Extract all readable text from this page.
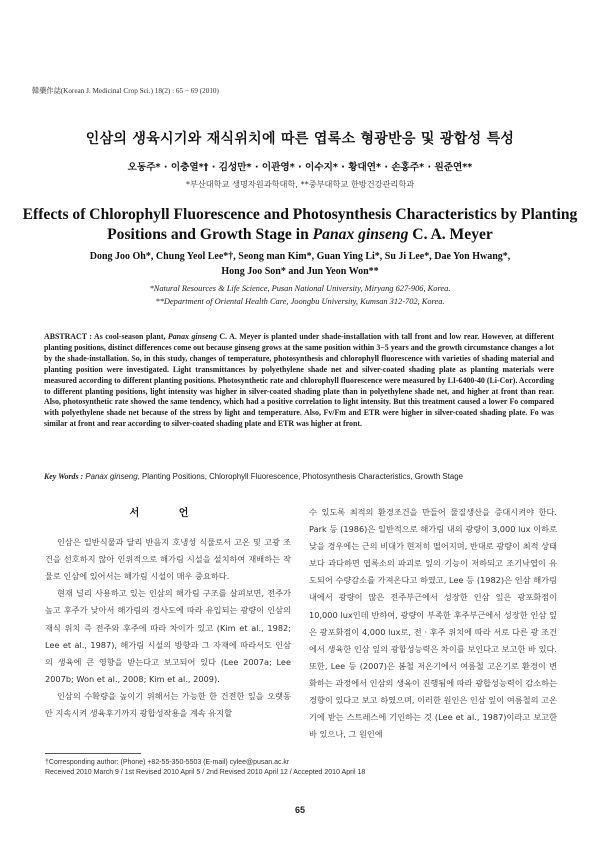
韓藥作誌(Korean J. Medicinal Crop Sci.) 18(2) : 65 − 69 (2010)
인삼의 생육시기와 재식위치에 따른 엽록소 형광반응 및 광합성 특성
오동주* · 이충열*† · 김성만* · 이관영* · 이수지* · 황대연* · 손홍주* · 원준연**
*부산대학교 생명자원과학대학, **중부대학교 한방건강관리학과
Effects of Chlorophyll Fluorescence and Photosynthesis Characteristics by Planting
Positions and Growth Stage in Panax ginseng C. A. Meyer
Dong Joo Oh*, Chung Yeol Lee*†, Seong man Kim*, Guan Ying Li*, Su Ji Lee*, Dae Yon Hwang*,
Hong Joo Son* and Jun Yeon Won**
*Natural Resources & Life Science, Pusan National University, Miryang 627-906, Korea.
**Department of Oriental Health Care, Joongbu University, Kumsan 312-702, Korea.
ABSTRACT : As cool-season plant, Panax ginseng C. A. Meyer is planted under shade-installation with tall front and low rear. However, at different planting positions, distinct differences come out because ginseng grows at the same position within 3−5 years and the growth circumstance changes a lot by the shade-installation. So, in this study, changes of temperature, photosynthesis and chlorophyll fluorescence with varieties of shading material and planting position were investigated. Light transmittances by polyethylene shade net and silver-coated shading plate as planting materials were measured according to different planting positions. Photosynthetic rate and chlorophyll fluorescence were measured by LI-6400-40 (Li-Cor). According to different planting positions, light intensity was higher in silver-coated shading plate than in polyethylene shade net, and higher at front than rear. Also, photosynthetic rate showed the same tendency, which had a positive correlation to light intensity. But this treatment caused a lower Fo compared with polyethylene shade net because of the stress by light and temperature. Also, Fv/Fm and ETR were higher in silver-coated shading plate. Fo was similar at front and rear according to silver-coated shading plate and ETR was higher at front.
Key Words : Panax ginseng, Planting Positions, Chlorophyll Fluorescence, Photosynthesis Characteristics, Growth Stage
서 언

인삼은 일반식물과 달리 반음지 호냉성 식물로서 고온 및 고광 조건을 선호하지 않아 인위적으로 해가림 시설을 설치하여 재배하는 작물로 인삼에 있어서는 해가림 시설이 매우 중요하다.

현재 널리 사용하고 있는 인삼의 해가림 구조를 살펴보면, 전주가 높고 후주가 낮아서 해가림의 경사도에 따라 유입되는 광량이 인삼의 재식 위치 즉 전주와 후주에 따라 차이가 있고 (Kim et al., 1982; Lee et al., 1987), 해가림 시설의 방향과 그 자재에 따라서도 인삼의 생육에 큰 영향을 받는다고 보고되어 있다 (Lee 2007a; Lee 2007b; Won et al., 2008; Kim et al., 2009).

인삼의 수확량을 높이기 위해서는 가능한 한 건전한 잎을 오랫동안 지속시켜 생육후기까지 광합성작용을 계속 유지할

수 있도록 최적의 환경조건을 만들어 물질생산을 증대시켜야 한다. Park 등 (1986)은 일반적으로 해가림 내의 광량이 3,000 lux 이하로 낮을 경우에는 근의 비대가 현저히 떨어지며, 반대로 광량이 최적 상태보다 과다하면 엽록소의 파괴로 잎의 기능이 저하되고 조기낙엽이 유도되어 수량감소를 가져온다고 하였고, Lee 등 (1982)은 인삼 해가림 내에서 광량이 많은 전주부근에서 성장한 인삼 잎은 광포화점이 10,000 lux인데 반하여, 광량이 부족한 후주부근에서 성장한 인삼 잎은 광포화점이 4,000 lux로, 전 · 후주 위치에 따라 서로 다른 광 조건에서 생육한 인삼 잎의 광합성능력은 차이를 보인다고 보고한 바 있다. 또한, Lee 등 (2007)은 봄철 저온기에서 여름철 고온기로 환경이 변화하는 과정에서 인삼의 생육이 진행됨에 따라 광합성능력이 감소하는 경향이 있다고 보고 하였으며, 이러한 원인은 인삼 잎이 여름철의 고온기에 받는 스트레스에 기인하는 것 (Lee et al., 1987)이라고 보고한 바 있으나, 그 원인에

†Corresponding author: (Phone) +82-55-350-5503 (E-mail) cylee@pusan.ac.kr
Received 2010 March 9 / 1st Revised 2010 April 5 / 2nd Revised 2010 April 12 / Accepted 2010 April 18
65
